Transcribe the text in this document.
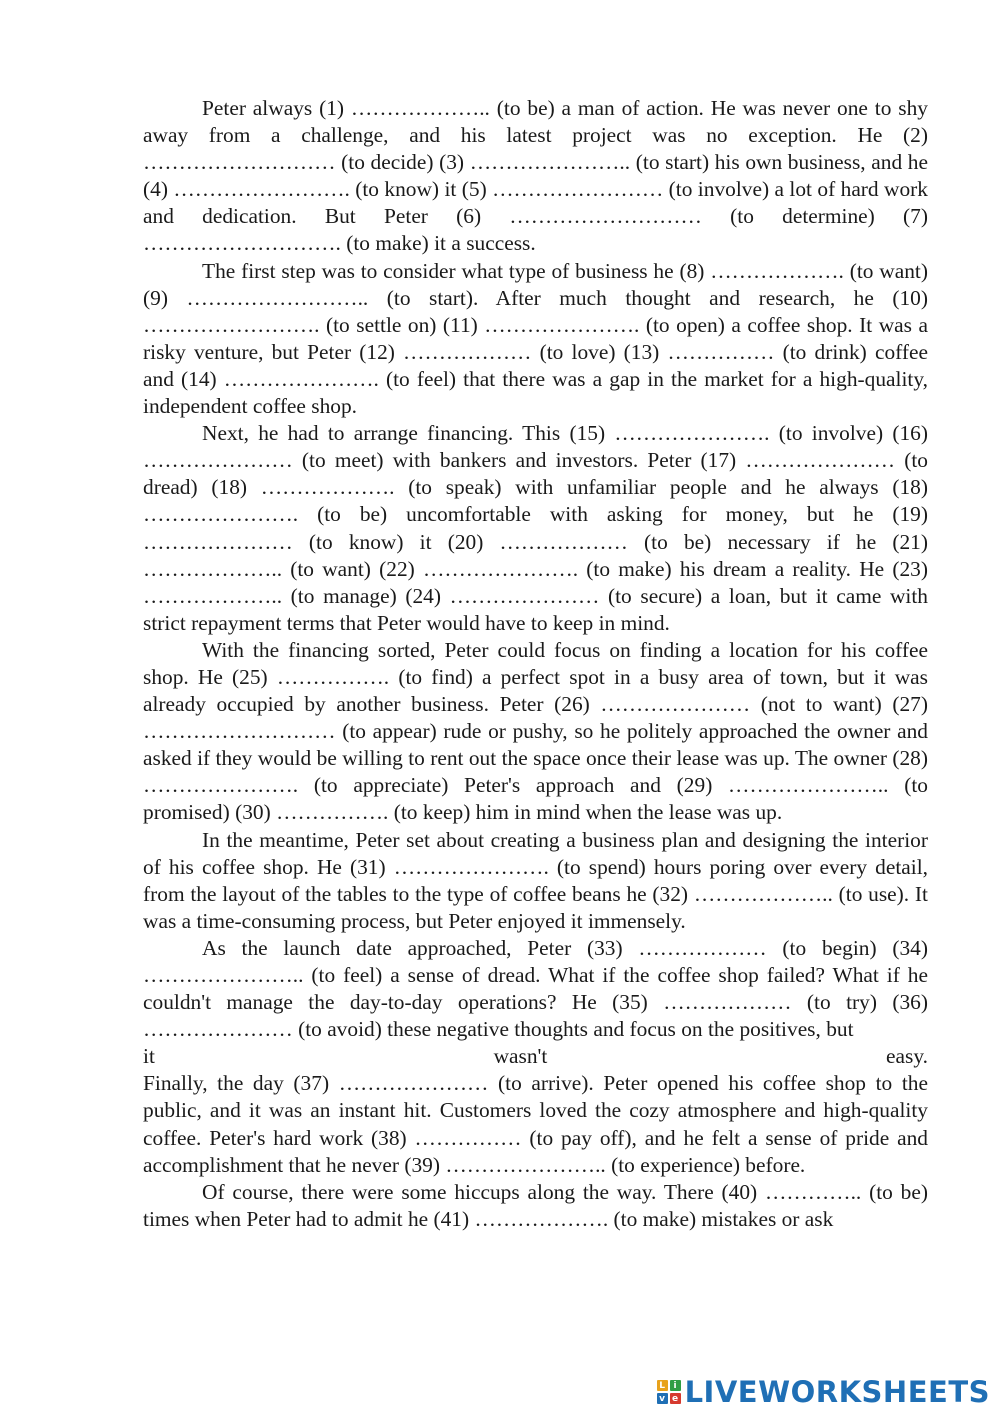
Peter always (1) ……………….. (to be) a man of action. He was never one to shy away from a challenge, and his latest project was no exception. He (2) ……………………… (to decide) (3) ………………….. (to start) his own business, and he (4) ……………………. (to know) it (5) …………………… (to involve) a lot of hard work and dedication. But Peter (6) ……………………… (to determine) (7) ………………………. (to make) it a success.

The first step was to consider what type of business he (8) ………………. (to want) (9) …………………….. (to start). After much thought and research, he (10) ……………………. (to settle on) (11) …………………. (to open) a coffee shop. It was a risky venture, but Peter (12) ……………… (to love) (13) …………… (to drink) coffee and (14) …………………. (to feel) that there was a gap in the market for a high-quality, independent coffee shop.

Next, he had to arrange financing. This (15) …………………. (to involve) (16) ………………… (to meet) with bankers and investors. Peter (17) ………………… (to dread) (18) ………………. (to speak) with unfamiliar people and he always (18) …………………. (to be) uncomfortable with asking for money, but he (19) ………………… (to know) it (20) ……………… (to be) necessary if he (21) ……………….. (to want) (22) …………………. (to make) his dream a reality. He (23) ……………….. (to manage) (24) ………………… (to secure) a loan, but it came with strict repayment terms that Peter would have to keep in mind.

With the financing sorted, Peter could focus on finding a location for his coffee shop. He (25) ……………. (to find) a perfect spot in a busy area of town, but it was already occupied by another business. Peter (26) ………………… (not to want) (27) ……………………… (to appear) rude or pushy, so he politely approached the owner and asked if they would be willing to rent out the space once their lease was up. The owner (28) …………………. (to appreciate) Peter's approach and (29) ………………….. (to promised) (30) ……………. (to keep) him in mind when the lease was up.

In the meantime, Peter set about creating a business plan and designing the interior of his coffee shop. He (31) …………………. (to spend) hours poring over every detail, from the layout of the tables to the type of coffee beans he (32) ……………….. (to use). It was a time-consuming process, but Peter enjoyed it immensely.

As the launch date approached, Peter (33) ……………… (to begin) (34) ………………….. (to feel) a sense of dread. What if the coffee shop failed? What if he couldn't manage the day-to-day operations? He (35) ……………… (to try) (36) ………………… (to avoid) these negative thoughts and focus on the positives, but
it wasn't easy.

Finally, the day (37) ………………… (to arrive). Peter opened his coffee shop to the public, and it was an instant hit. Customers loved the cozy atmosphere and high-quality coffee. Peter's hard work (38) …………… (to pay off), and he felt a sense of pride and accomplishment that he never (39) ………………….. (to experience) before.

Of course, there were some hiccups along the way. There (40) ………….. (to be) times when Peter had to admit he (41) ………………. (to make) mistakes or ask

L i
v e LIVEWORKSHEETS
